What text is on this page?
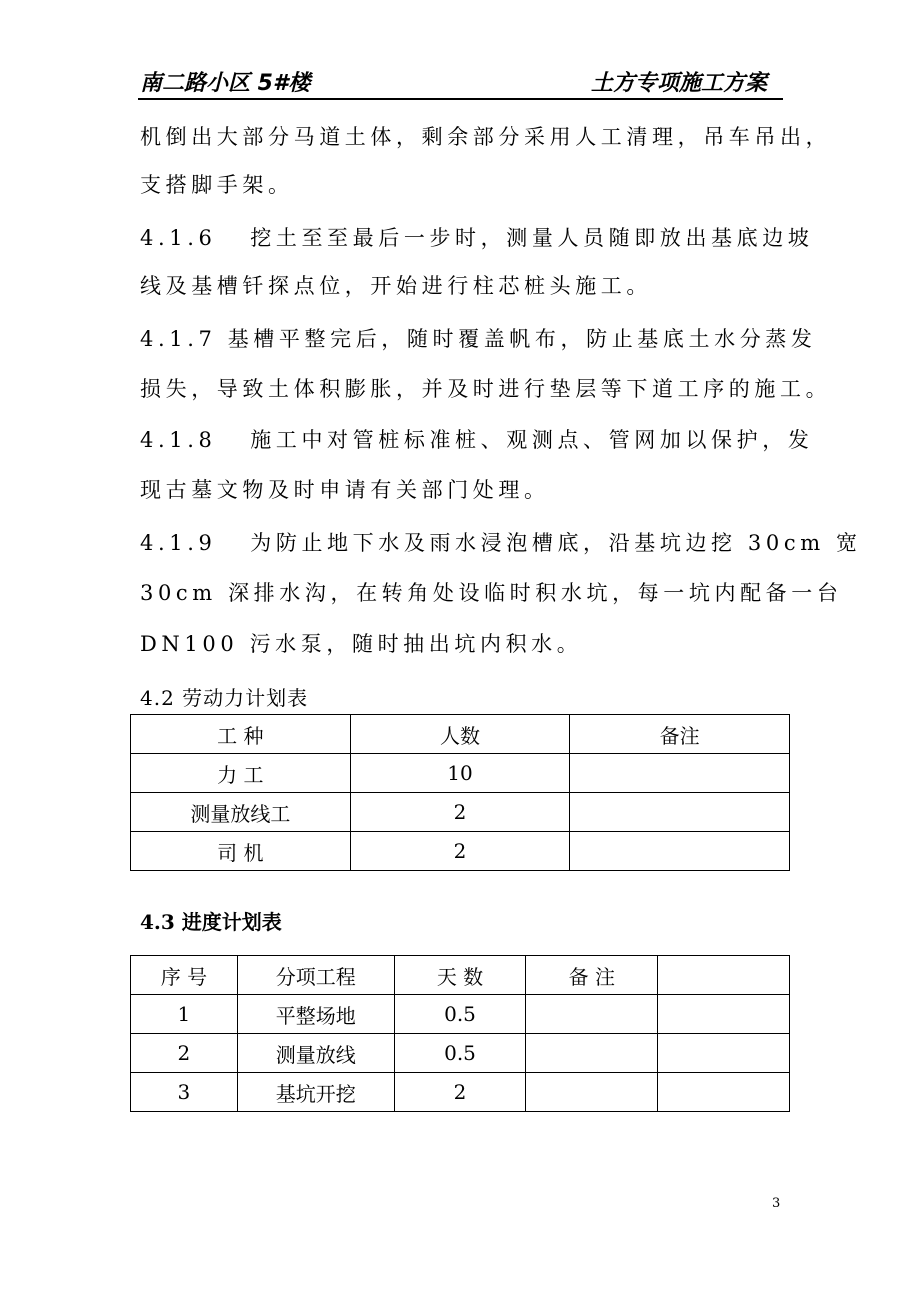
南二路小区 5#楼	土方专项施工方案
机倒出大部分马道土体，剩余部分采用人工清理，吊车吊出，
支搭脚手架。
4.1.6   挖土至至最后一步时，测量人员随即放出基底边坡
线及基槽钎探点位，开始进行柱芯桩头施工。
4.1.7 基槽平整完后，随时覆盖帆布，防止基底土水分蒸发
损失，导致土体积膨胀，并及时进行垫层等下道工序的施工。
4.1.8   施工中对管桩标准桩、观测点、管网加以保护，发
现古墓文物及时申请有关部门处理。
4.1.9   为防止地下水及雨水浸泡槽底，沿基坑边挖 30cm 宽
30cm 深排水沟，在转角处设临时积水坑，每一坑内配备一台
DN100 污水泵，随时抽出坑内积水。
4.2 劳动力计划表
工 种	人数	备注
力 工	10	
测量放线工	2	
司 机	2	
4.3 进度计划表
序 号	分项工程	天 数	备 注	
1	平整场地	0.5		
2	测量放线	0.5		
3	基坑开挖	2		
3
